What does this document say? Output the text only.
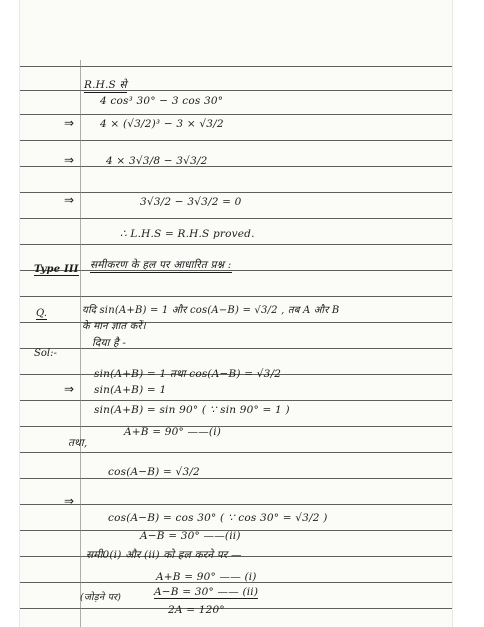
R.H.S से
4 cos³ 30° − 3 cos 30°
⇒ 4 × (√3/2)³ − 3 × √3/2
⇒	4 × 3√3/8 − 3√3/2
⇒	3√3/2 − 3√3/2 = 0
∴ L.H.S = R.H.S proved.
Type III समीकरण के हल पर आधारित प्रश्न :
Q.	यदि sin(A+B) = 1 और cos(A−B) = √3/2 , तब A और B
के मान ज्ञात करें।
दिया है -
Sol:-
sin(A+B) = 1 तथा cos(A−B) = √3/2
⇒ sin(A+B) = 1
sin(A+B) = sin 90° ( ∵ sin 90° = 1 )
A+B = 90° ——(i)
तथा,
cos(A−B) = √3/2
⇒
cos(A−B) = cos 30° ( ∵ cos 30° = √3/2 )
A−B = 30° ——(ii)
समी0(i) और (ii) को हल करने पर —
A+B = 90° —— (i)
(जोड़ने पर)	A−B = 30° —— (ii)
2A = 120°
